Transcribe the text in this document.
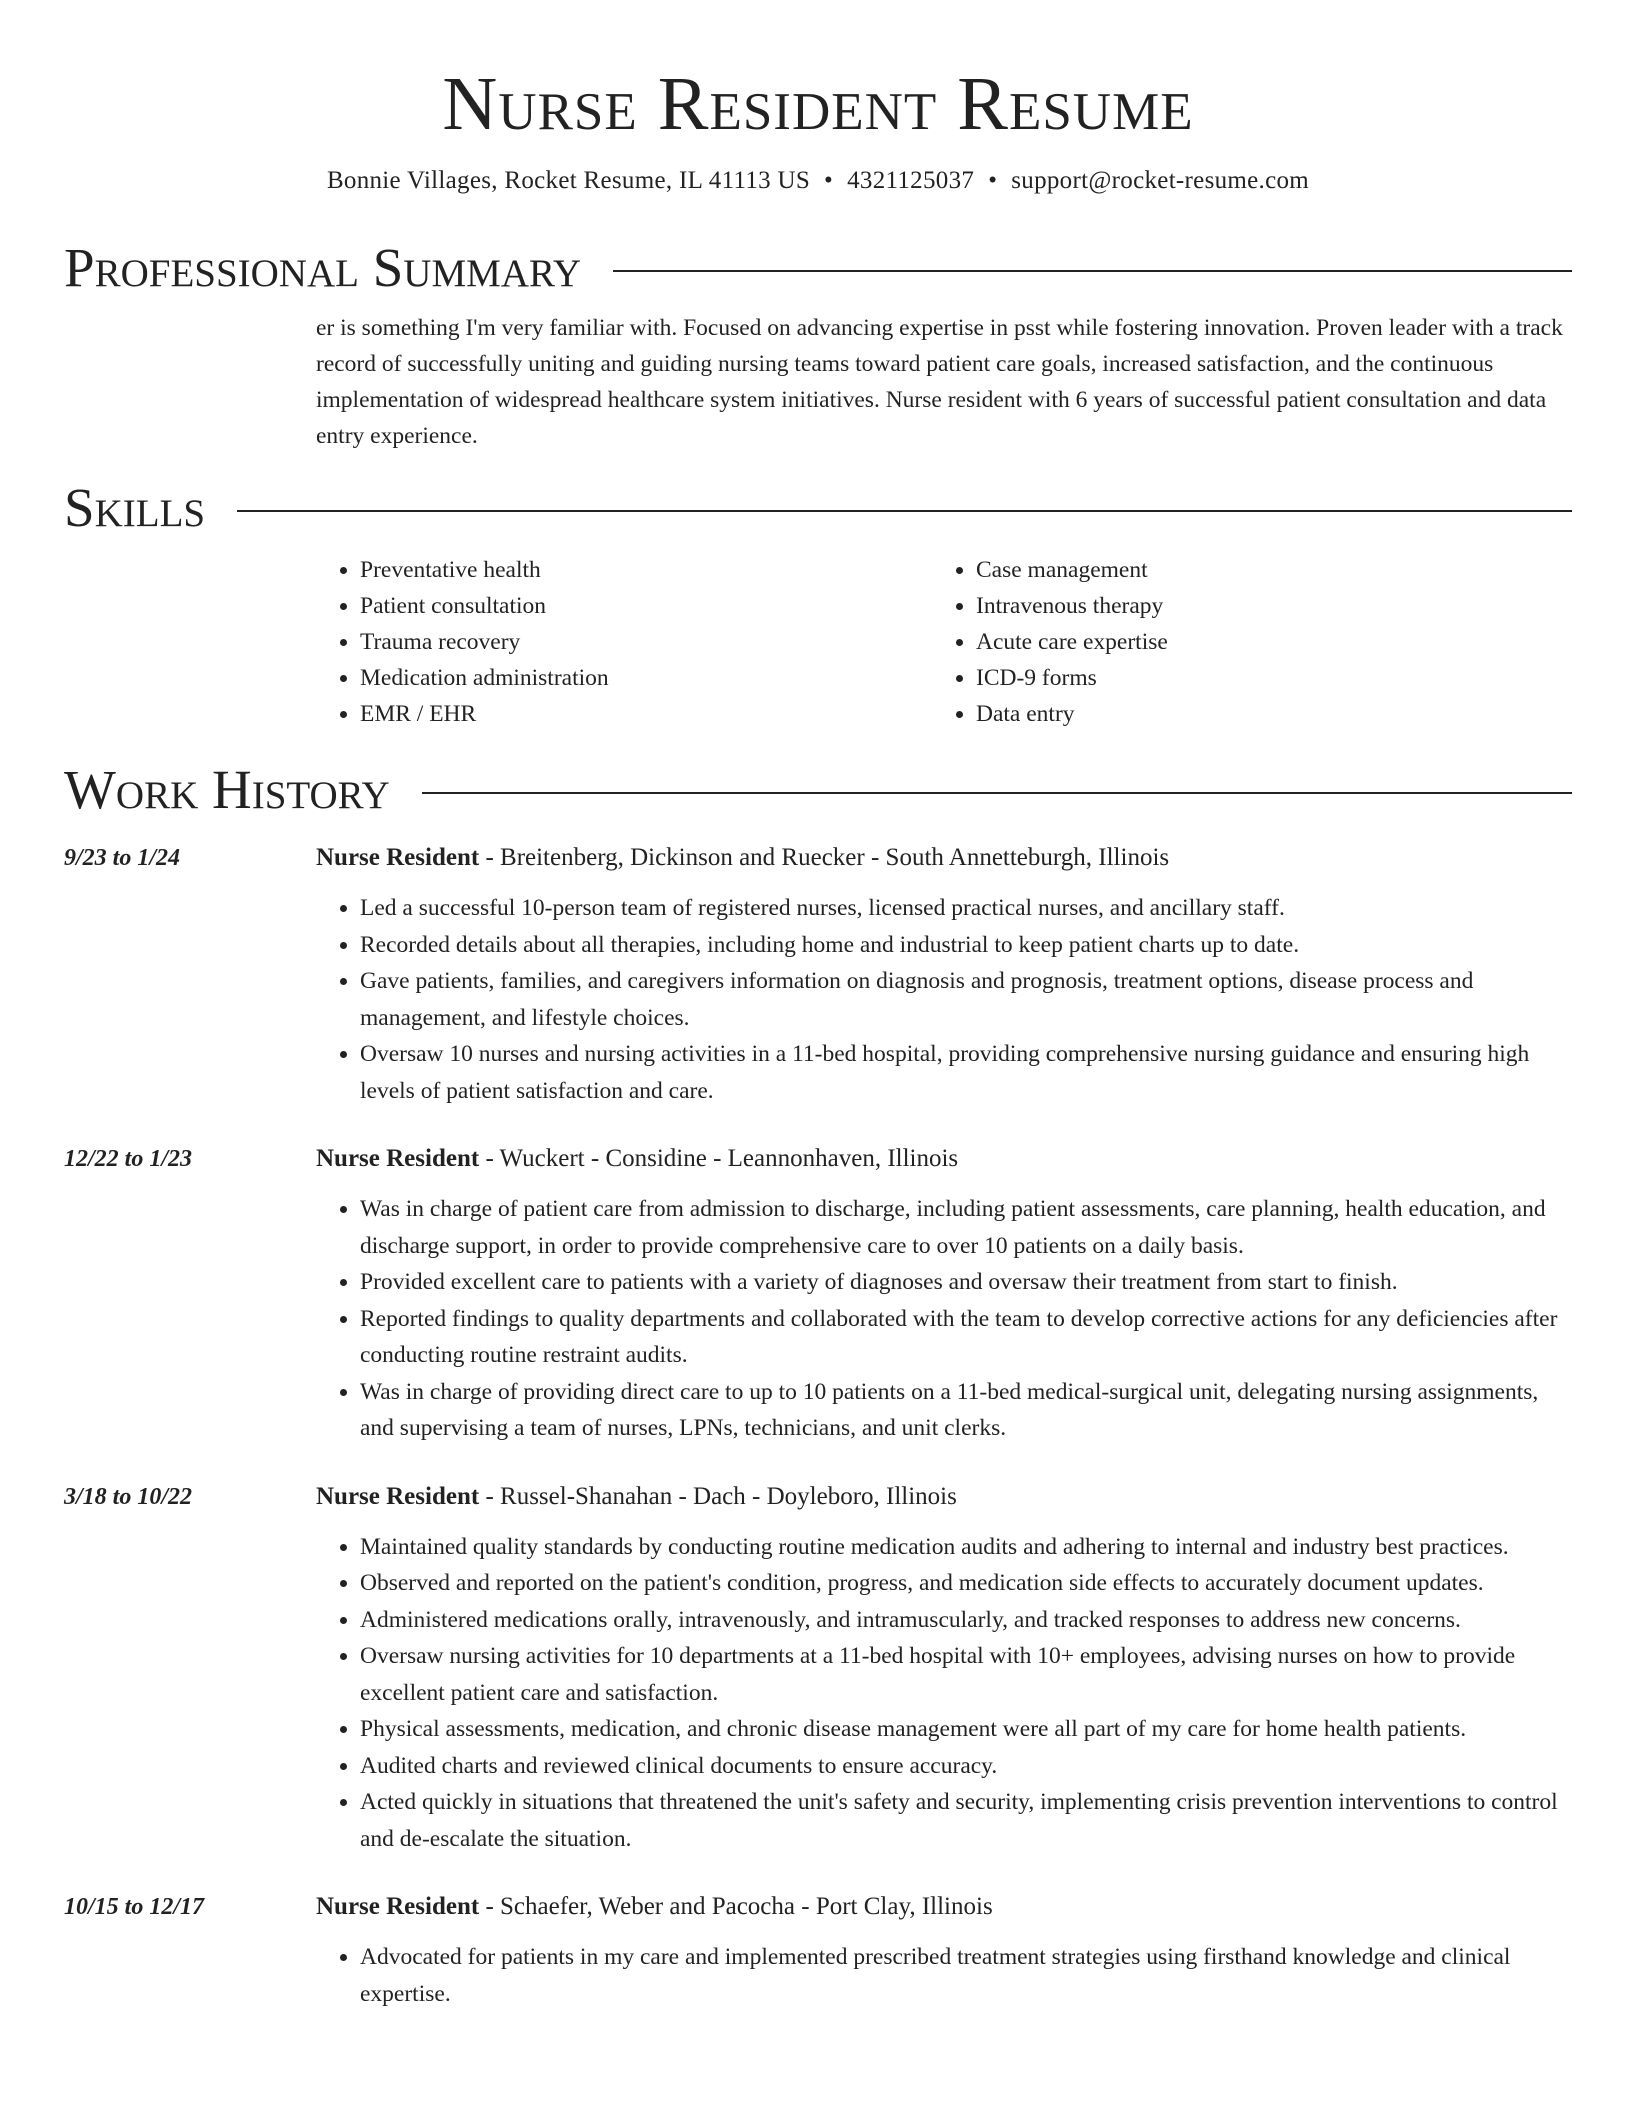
Nurse Resident Resume
Bonnie Villages, Rocket Resume, IL 41113 US • 4321125037 • support@rocket-resume.com
Professional Summary
er is something I'm very familiar with. Focused on advancing expertise in psst while fostering innovation. Proven leader with a track record of successfully uniting and guiding nursing teams toward patient care goals, increased satisfaction, and the continuous implementation of widespread healthcare system initiatives. Nurse resident with 6 years of successful patient consultation and data entry experience.
Skills
• Preventative health
• Patient consultation
• Trauma recovery
• Medication administration
• EMR / EHR
• Case management
• Intravenous therapy
• Acute care expertise
• ICD-9 forms
• Data entry
Work History
9/23 to 1/24	Nurse Resident - Breitenberg, Dickinson and Ruecker - South Annetteburgh, Illinois
• Led a successful 10-person team of registered nurses, licensed practical nurses, and ancillary staff.
• Recorded details about all therapies, including home and industrial to keep patient charts up to date.
• Gave patients, families, and caregivers information on diagnosis and prognosis, treatment options, disease process and management, and lifestyle choices.
• Oversaw 10 nurses and nursing activities in a 11-bed hospital, providing comprehensive nursing guidance and ensuring high levels of patient satisfaction and care.
12/22 to 1/23	Nurse Resident - Wuckert - Considine - Leannonhaven, Illinois
• Was in charge of patient care from admission to discharge, including patient assessments, care planning, health education, and discharge support, in order to provide comprehensive care to over 10 patients on a daily basis.
• Provided excellent care to patients with a variety of diagnoses and oversaw their treatment from start to finish.
• Reported findings to quality departments and collaborated with the team to develop corrective actions for any deficiencies after conducting routine restraint audits.
• Was in charge of providing direct care to up to 10 patients on a 11-bed medical-surgical unit, delegating nursing assignments, and supervising a team of nurses, LPNs, technicians, and unit clerks.
3/18 to 10/22	Nurse Resident - Russel-Shanahan - Dach - Doyleboro, Illinois
• Maintained quality standards by conducting routine medication audits and adhering to internal and industry best practices.
• Observed and reported on the patient's condition, progress, and medication side effects to accurately document updates.
• Administered medications orally, intravenously, and intramuscularly, and tracked responses to address new concerns.
• Oversaw nursing activities for 10 departments at a 11-bed hospital with 10+ employees, advising nurses on how to provide excellent patient care and satisfaction.
• Physical assessments, medication, and chronic disease management were all part of my care for home health patients.
• Audited charts and reviewed clinical documents to ensure accuracy.
• Acted quickly in situations that threatened the unit's safety and security, implementing crisis prevention interventions to control and de-escalate the situation.
10/15 to 12/17	Nurse Resident - Schaefer, Weber and Pacocha - Port Clay, Illinois
• Advocated for patients in my care and implemented prescribed treatment strategies using firsthand knowledge and clinical expertise.
